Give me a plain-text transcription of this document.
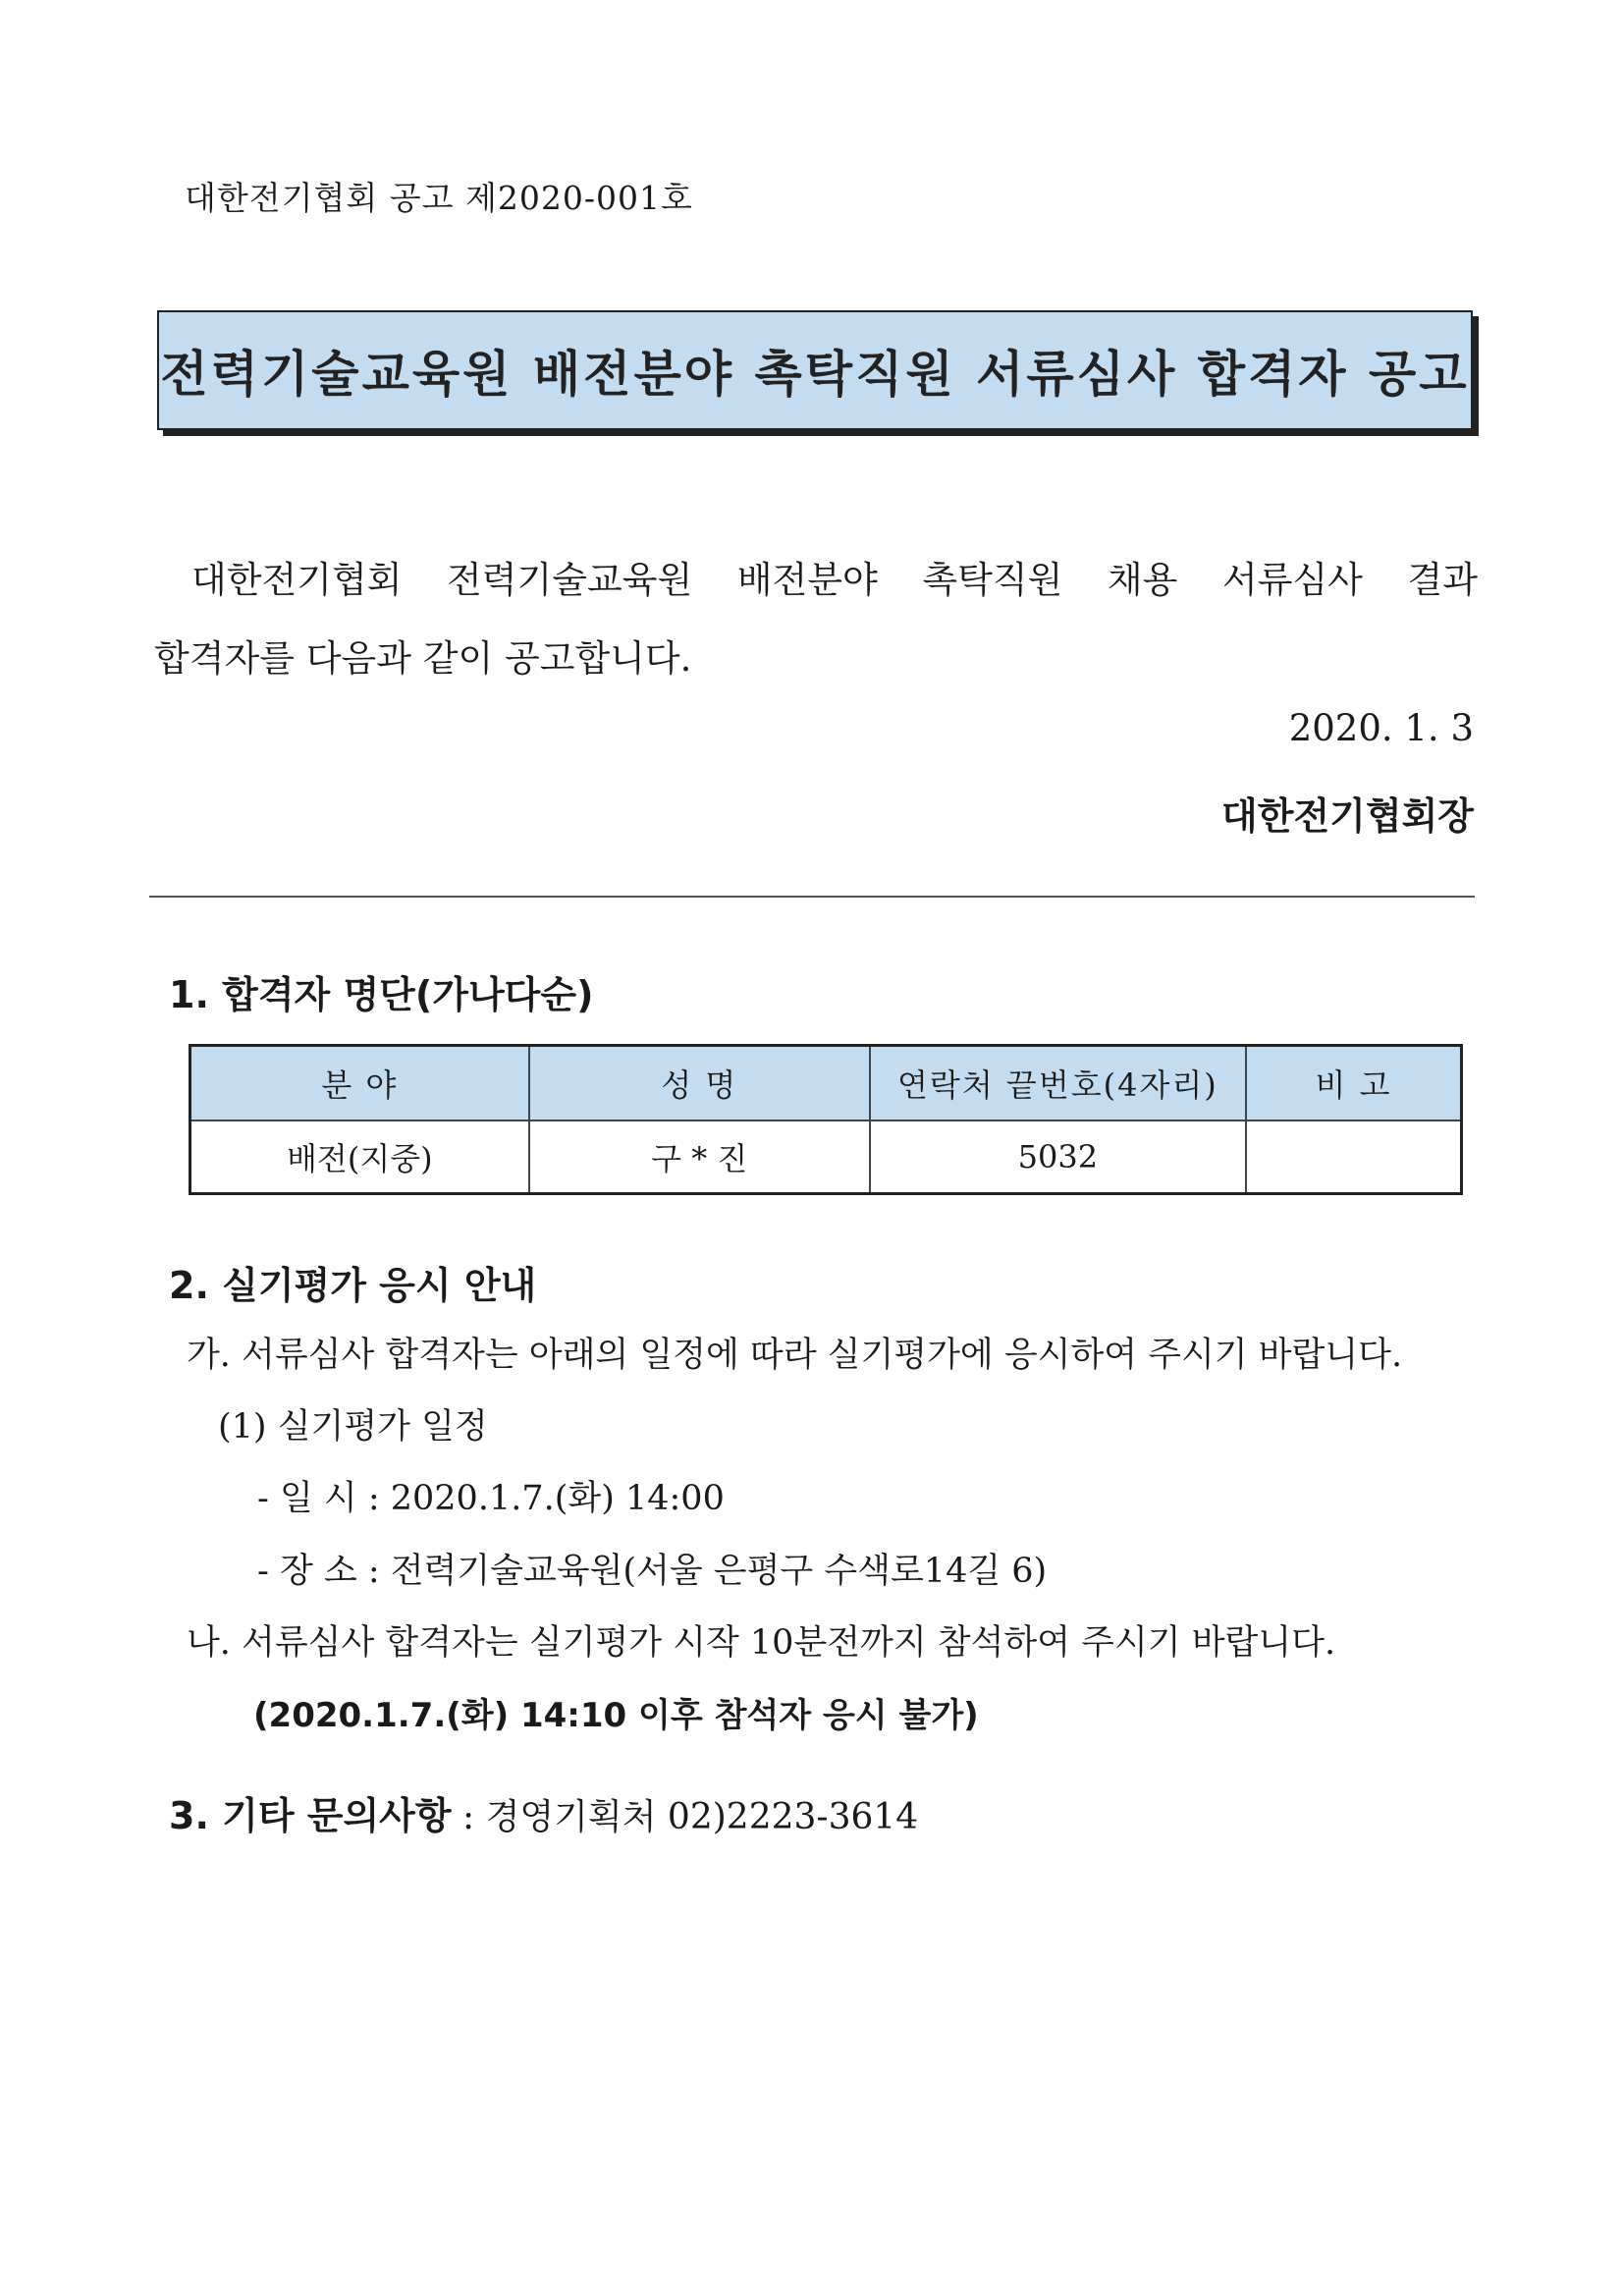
대한전기협회 공고 제2020-001호
전력기술교육원 배전분야 촉탁직원 서류심사 합격자 공고
대한전기협회 전력기술교육원 배전분야 촉탁직원 채용 서류심사 결과
합격자를 다음과 같이 공고합니다.
2020. 1. 3
대한전기협회장
1. 합격자 명단(가나다순)
분 야	성 명	연락처 끝번호(4자리)	비 고
배전(지중)	구 * 진	5032	
2. 실기평가 응시 안내
가. 서류심사 합격자는 아래의 일정에 따라 실기평가에 응시하여 주시기 바랍니다.
(1) 실기평가 일정
- 일 시 : 2020.1.7.(화) 14:00
- 장 소 : 전력기술교육원(서울 은평구 수색로14길 6)
나. 서류심사 합격자는 실기평가 시작 10분전까지 참석하여 주시기 바랍니다.
(2020.1.7.(화) 14:10 이후 참석자 응시 불가)
3. 기타 문의사항 : 경영기획처 02)2223-3614
